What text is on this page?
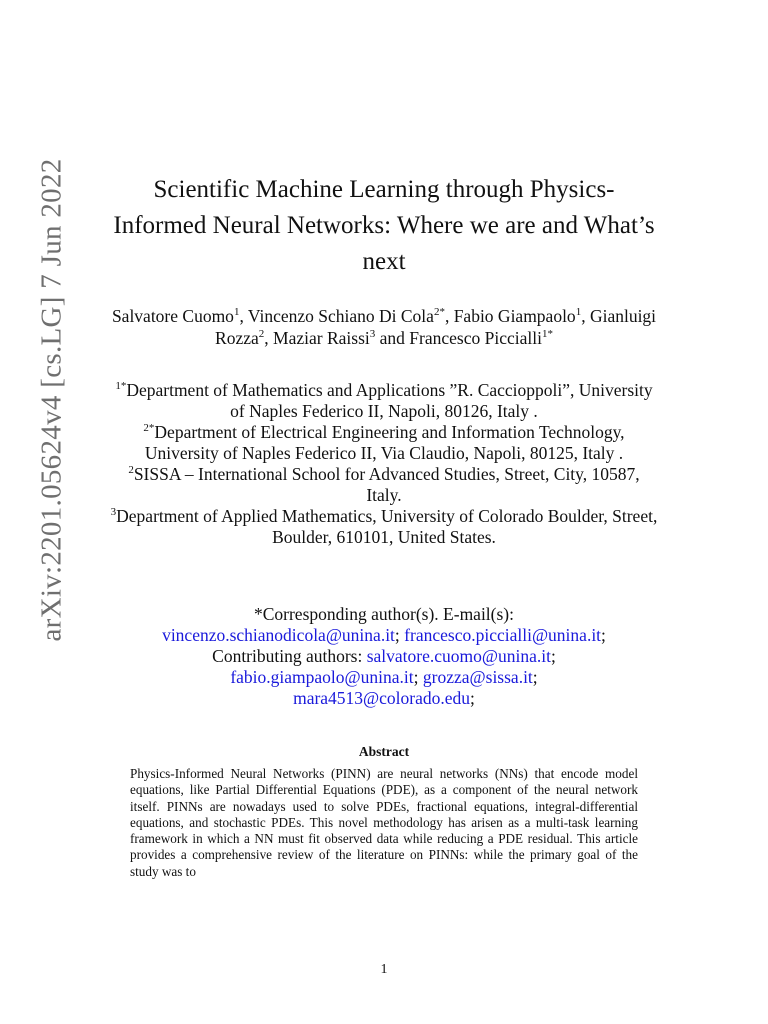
arXiv:2201.05624v4 [cs.LG] 7 Jun 2022	Scientific Machine Learning through Physics-Informed Neural Networks: Where we are and What’s next
Salvatore Cuomo$^1$, Vincenzo Schiano Di Cola$^{2*}$, Fabio Giampaolo$^1$, Gianluigi Rozza$^2$, Maziar Raissi$^3$ and Francesco Piccialli$^{1*}$
$^{1*}$Department of Mathematics and Applications ”R. Caccioppoli”, University of Naples Federico II, Napoli, 80126, Italy .
$^{2*}$Department of Electrical Engineering and Information Technology, University of Naples Federico II, Via Claudio, Napoli, 80125, Italy .
$^2$SISSA – International School for Advanced Studies, Street, City, 10587, Italy.
$^3$Department of Applied Mathematics, University of Colorado Boulder, Street, Boulder, 610101, United States.
*Corresponding author(s). E-mail(s):
vincenzo.schianodicola@unina.it; francesco.piccialli@unina.it;
Contributing authors: salvatore.cuomo@unina.it;
fabio.giampaolo@unina.it; grozza@sissa.it;
mara4513@colorado.edu;
Abstract
Physics-Informed Neural Networks (PINN) are neural networks (NNs) that encode model equations, like Partial Differential Equations (PDE), as a component of the neural network itself. PINNs are nowadays used to solve PDEs, fractional equations, integral-differential equations, and stochastic PDEs. This novel methodology has arisen as a multi-task learning framework in which a NN must fit observed data while reducing a PDE residual. This article provides a comprehensive review of the literature on PINNs: while the primary goal of the study was to
1
